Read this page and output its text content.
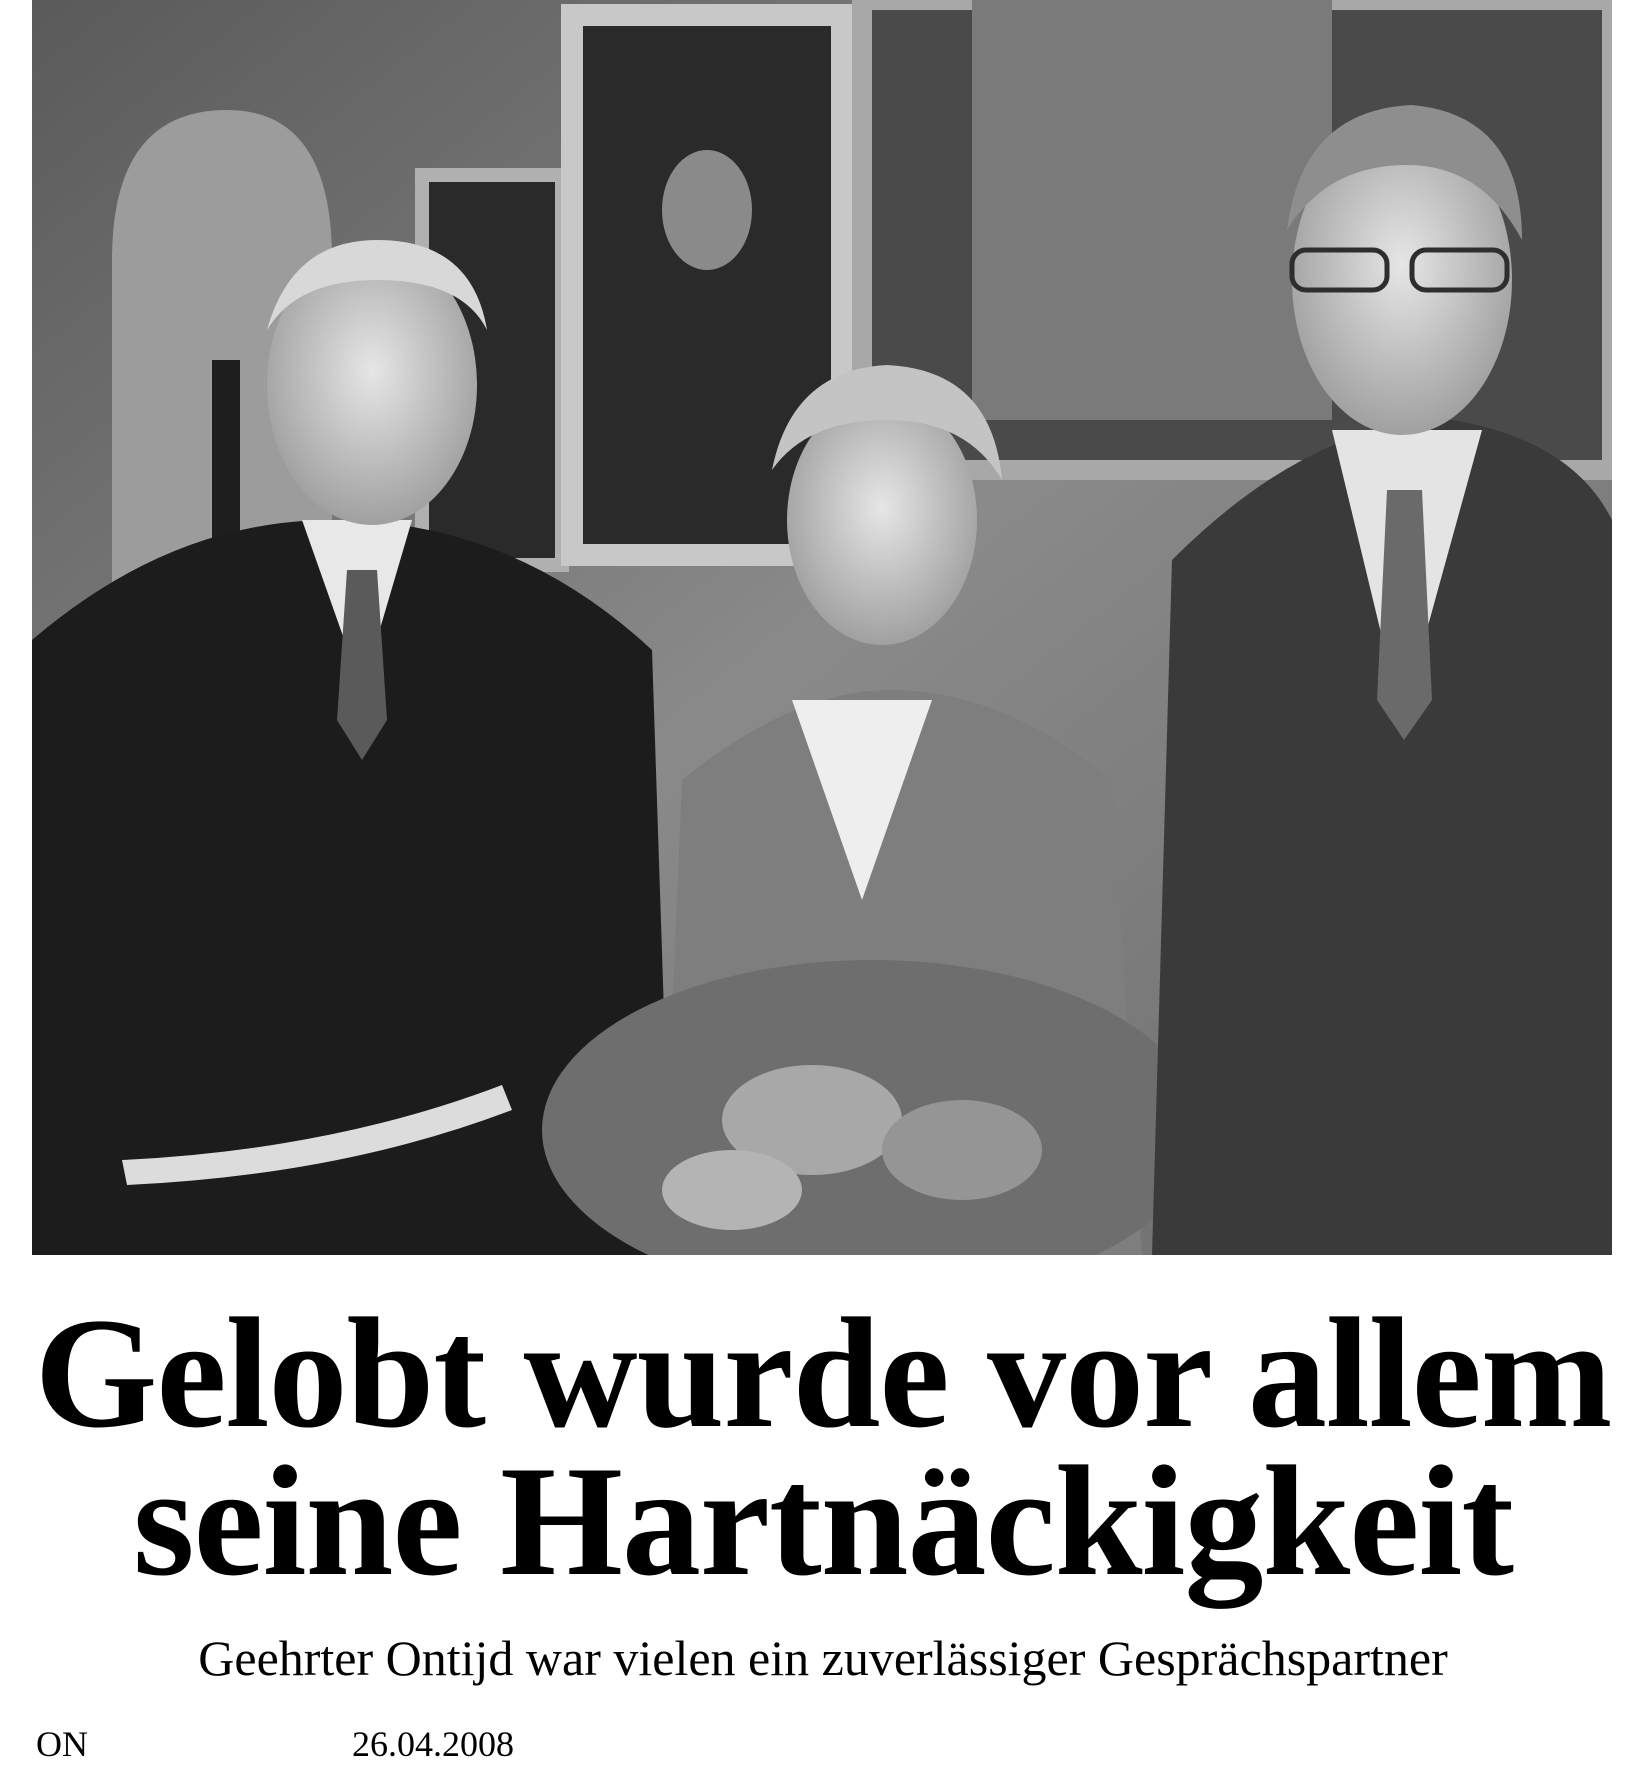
Gelobt wurde vor allem
seine Hartnäckigkeit
Geehrter Ontijd war vielen ein zuverlässiger Gesprächspartner
ON	26.04.2008
